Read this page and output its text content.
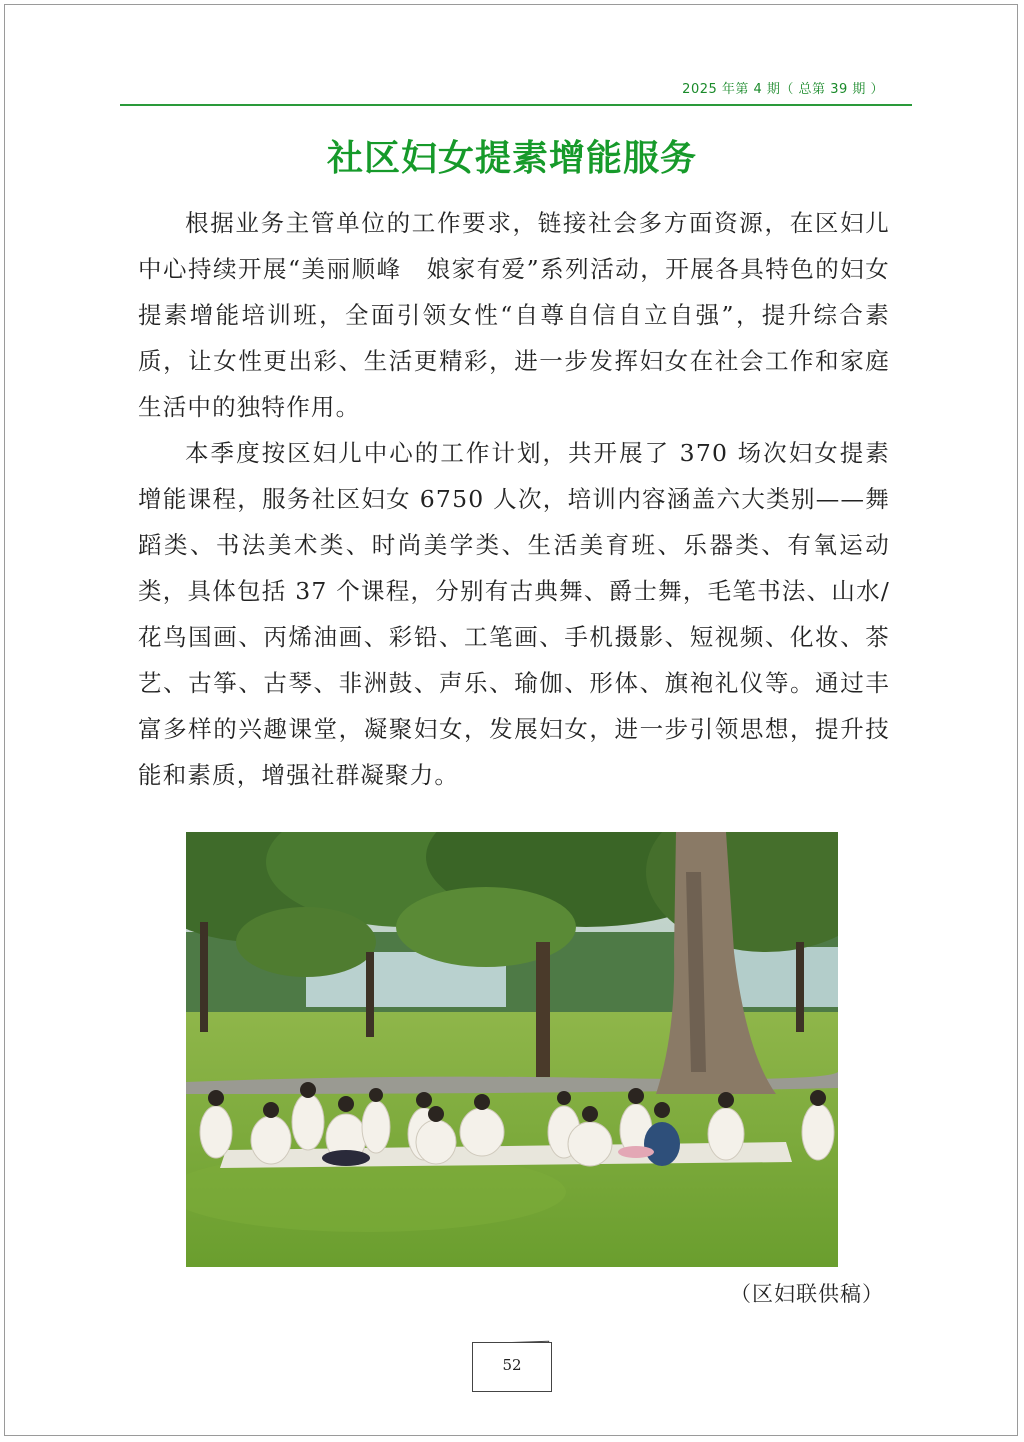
2025 年第 4 期（ 总第 39 期 ）
社区妇女提素增能服务

根据业务主管单位的工作要求，链接社会多方面资源，在区妇儿中心持续开展“美丽顺峰　娘家有爱”系列活动，开展各具特色的妇女提素增能培训班，全面引领女性“自尊自信自立自强”，提升综合素质，让女性更出彩、生活更精彩，进一步发挥妇女在社会工作和家庭生活中的独特作用。

本季度按区妇儿中心的工作计划，共开展了 370 场次妇女提素增能课程，服务社区妇女 6750 人次，培训内容涵盖六大类别——舞蹈类、书法美术类、时尚美学类、生活美育班、乐器类、有氧运动类，具体包括 37 个课程，分别有古典舞、爵士舞，毛笔书法、山水/花鸟国画、丙烯油画、彩铅、工笔画、手机摄影、短视频、化妆、茶艺、古筝、古琴、非洲鼓、声乐、瑜伽、形体、旗袍礼仪等。通过丰富多样的兴趣课堂，凝聚妇女，发展妇女，进一步引领思想，提升技能和素质，增强社群凝聚力。

（区妇联供稿）
52
